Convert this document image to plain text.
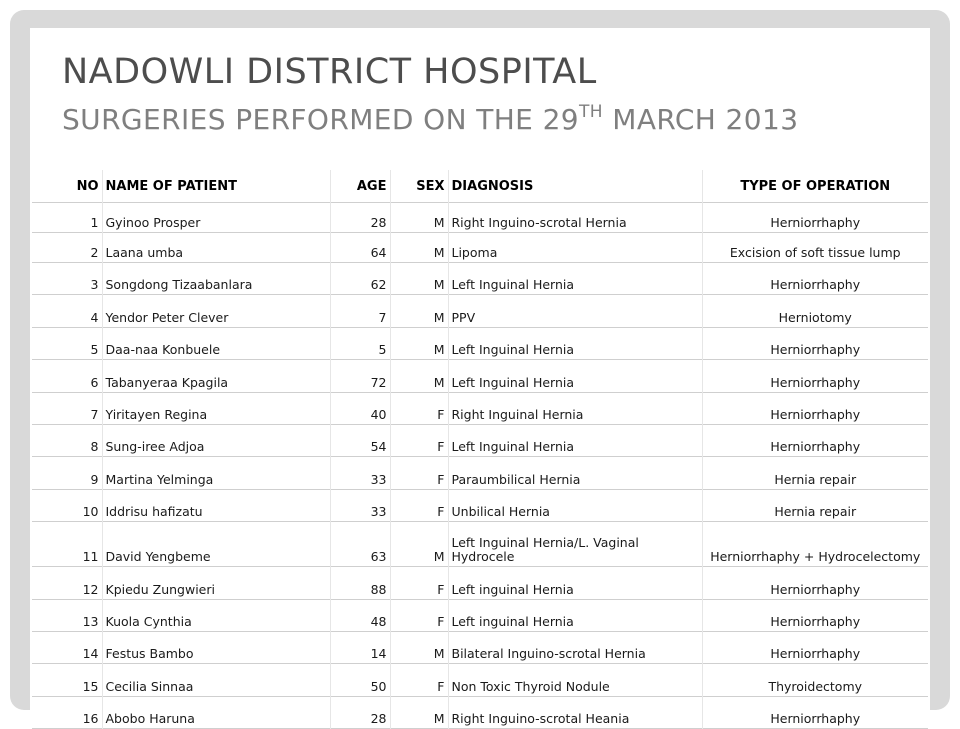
NADOWLI DISTRICT HOSPITAL
SURGERIES PERFORMED ON THE 29TH MARCH 2013
NO	NAME OF PATIENT	AGE	SEX	DIAGNOSIS	TYPE OF OPERATION
1	Gyinoo Prosper	28	M	Right Inguino-scrotal Hernia	Herniorrhaphy
2	Laana umba	64	M	Lipoma	Excision of soft tissue lump
3	Songdong Tizaabanlara	62	M	Left Inguinal Hernia	Herniorrhaphy
4	Yendor Peter Clever	7	M	PPV	Herniotomy
5	Daa-naa Konbuele	5	M	Left Inguinal Hernia	Herniorrhaphy
6	Tabanyeraa Kpagila	72	M	Left Inguinal Hernia	Herniorrhaphy
7	Yiritayen Regina	40	F	Right Inguinal Hernia	Herniorrhaphy
8	Sung-iree Adjoa	54	F	Left Inguinal Hernia	Herniorrhaphy
9	Martina Yelminga	33	F	Paraumbilical Hernia	Hernia repair
10	Iddrisu hafizatu	33	F	Unbilical Hernia	Hernia repair
11	David Yengbeme	63	M	Left Inguinal Hernia/L. Vaginal Hydrocele	Herniorrhaphy + Hydrocelectomy
12	Kpiedu Zungwieri	88	F	Left inguinal Hernia	Herniorrhaphy
13	Kuola Cynthia	48	F	Left inguinal Hernia	Herniorrhaphy
14	Festus Bambo	14	M	Bilateral Inguino-scrotal Hernia	Herniorrhaphy
15	Cecilia Sinnaa	50	F	Non Toxic Thyroid Nodule	Thyroidectomy
16	Abobo Haruna	28	M	Right Inguino-scrotal Heania	Herniorrhaphy
